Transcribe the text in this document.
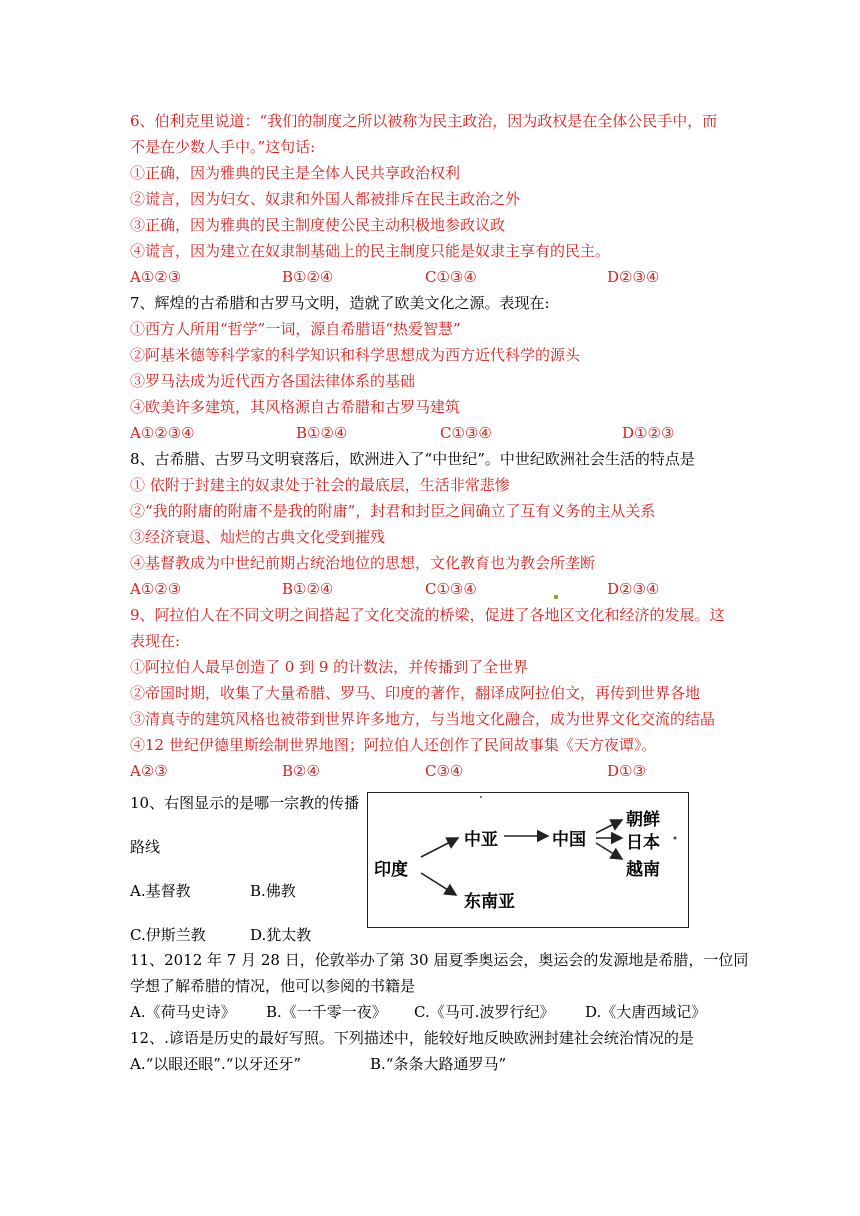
6、伯利克里说道：“我们的制度之所以被称为民主政治，因为政权是在全体公民手中，而
不是在少数人手中。”这句话:
①正确，因为雅典的民主是全体人民共享政治权利
②谎言，因为妇女、奴隶和外国人都被排斥在民主政治之外
③正确，因为雅典的民主制度使公民主动积极地参政议政
④谎言，因为建立在奴隶制基础上的民主制度只能是奴隶主享有的民主。
A①②③	B①②④	C①③④	D②③④
7、辉煌的古希腊和古罗马文明，造就了欧美文化之源。表现在:
①西方人所用“哲学”一词，源自希腊语“热爱智慧”
②阿基米德等科学家的科学知识和科学思想成为西方近代科学的源头
③罗马法成为近代西方各国法律体系的基础
④欧美许多建筑，其风格源自古希腊和古罗马建筑
A①②③④	B①②④	C①③④	D①②③
8、古希腊、古罗马文明衰落后，欧洲进入了“中世纪”。中世纪欧洲社会生活的特点是
① 依附于封建主的奴隶处于社会的最底层，生活非常悲惨
②“我的附庸的附庸不是我的附庸”，封君和封臣之间确立了互有义务的主从关系
③经济衰退、灿烂的古典文化受到摧残
④基督教成为中世纪前期占统治地位的思想，文化教育也为教会所垄断
A①②③	B①②④	C①③④	D②③④
9、阿拉伯人在不同文明之间搭起了文化交流的桥梁，促进了各地区文化和经济的发展。这
表现在:
①阿拉伯人最早创造了 0 到 9 的计数法，并传播到了全世界
②帝国时期，收集了大量希腊、罗马、印度的著作，翻译成阿拉伯文，再传到世界各地
③清真寺的建筑风格也被带到世界许多地方，与当地文化融合，成为世界文化交流的结晶
④12 世纪伊德里斯绘制世界地图；阿拉伯人还创作了民间故事集《天方夜谭》。
A②③	B②④	C③④	D①③
10、右图显示的是哪一宗教的传播
路线
A.基督教	B.佛教
C.伊斯兰教	D.犹太教
印度
中亚	中国
东南亚
朝鲜
日本
越南
11、2012 年 7 月 28 日，伦敦举办了第 30 届夏季奥运会，奥运会的发源地是希腊，一位同
学想了解希腊的情况，他可以参阅的书籍是
A.《荷马史诗》 B.《一千零一夜》 C.《马可.波罗行纪》 D.《大唐西域记》
12、.谚语是历史的最好写照。下列描述中，能较好地反映欧洲封建社会统治情况的是
A.“以眼还眼”.“以牙还牙”	B.“条条大路通罗马”
